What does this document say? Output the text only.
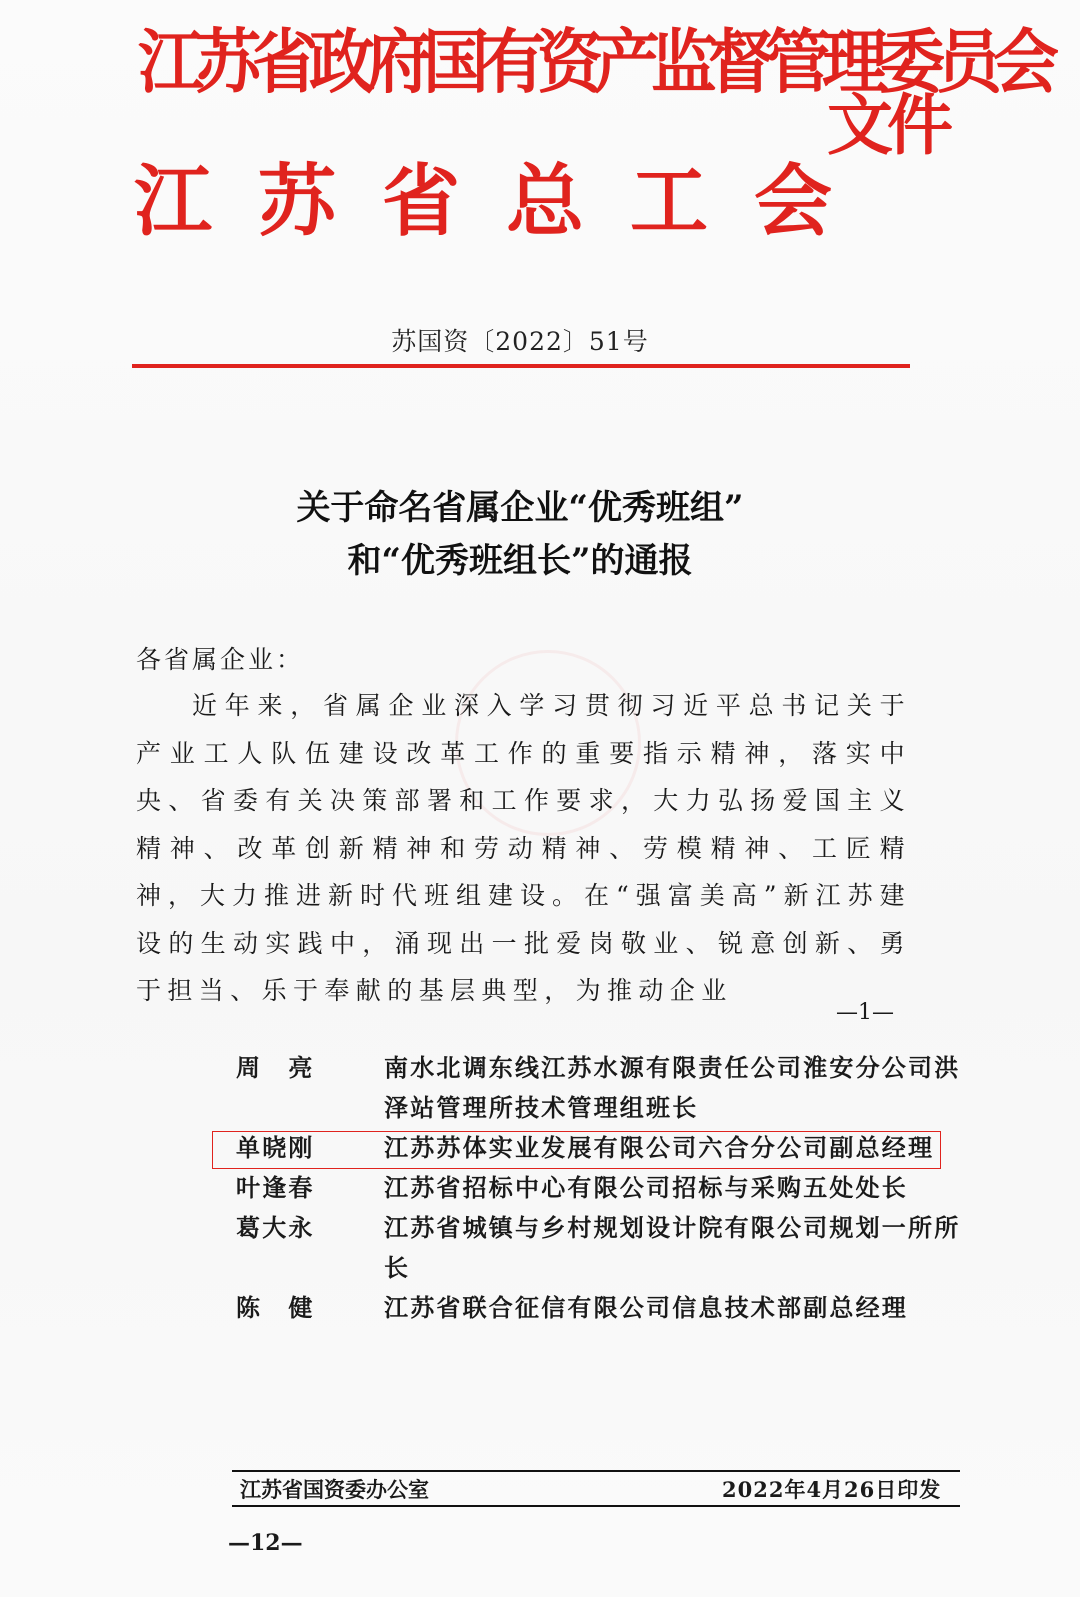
江苏省政府国有资产监督管理委员会
文件
江苏省总工会
苏国资〔2022〕51号
关于命名省属企业“优秀班组”
和“优秀班组长”的通报
各省属企业：
近年来，省属企业深入学习贯彻习近平总书记关于产业工人队伍建设改革工作的重要指示精神，落实中央、省委有关决策部署和工作要求，大力弘扬爱国主义精神、改革创新精神和劳动精神、劳模精神、工匠精神，大力推进新时代班组建设。在“强富美高”新江苏建设的生动实践中，涌现出一批爱岗敬业、锐意创新、勇于担当、乐于奉献的基层典型，为推动企业
—1—
周　亮	南水北调东线江苏水源有限责任公司淮安分公司洪泽站管理所技术管理组班长
单晓刚	江苏苏体实业发展有限公司六合分公司副总经理
叶逢春	江苏省招标中心有限公司招标与采购五处处长
葛大永	江苏省城镇与乡村规划设计院有限公司规划一所所长
陈　健	江苏省联合征信有限公司信息技术部副总经理
江苏省国资委办公室	2022年4月26日印发
—12—
